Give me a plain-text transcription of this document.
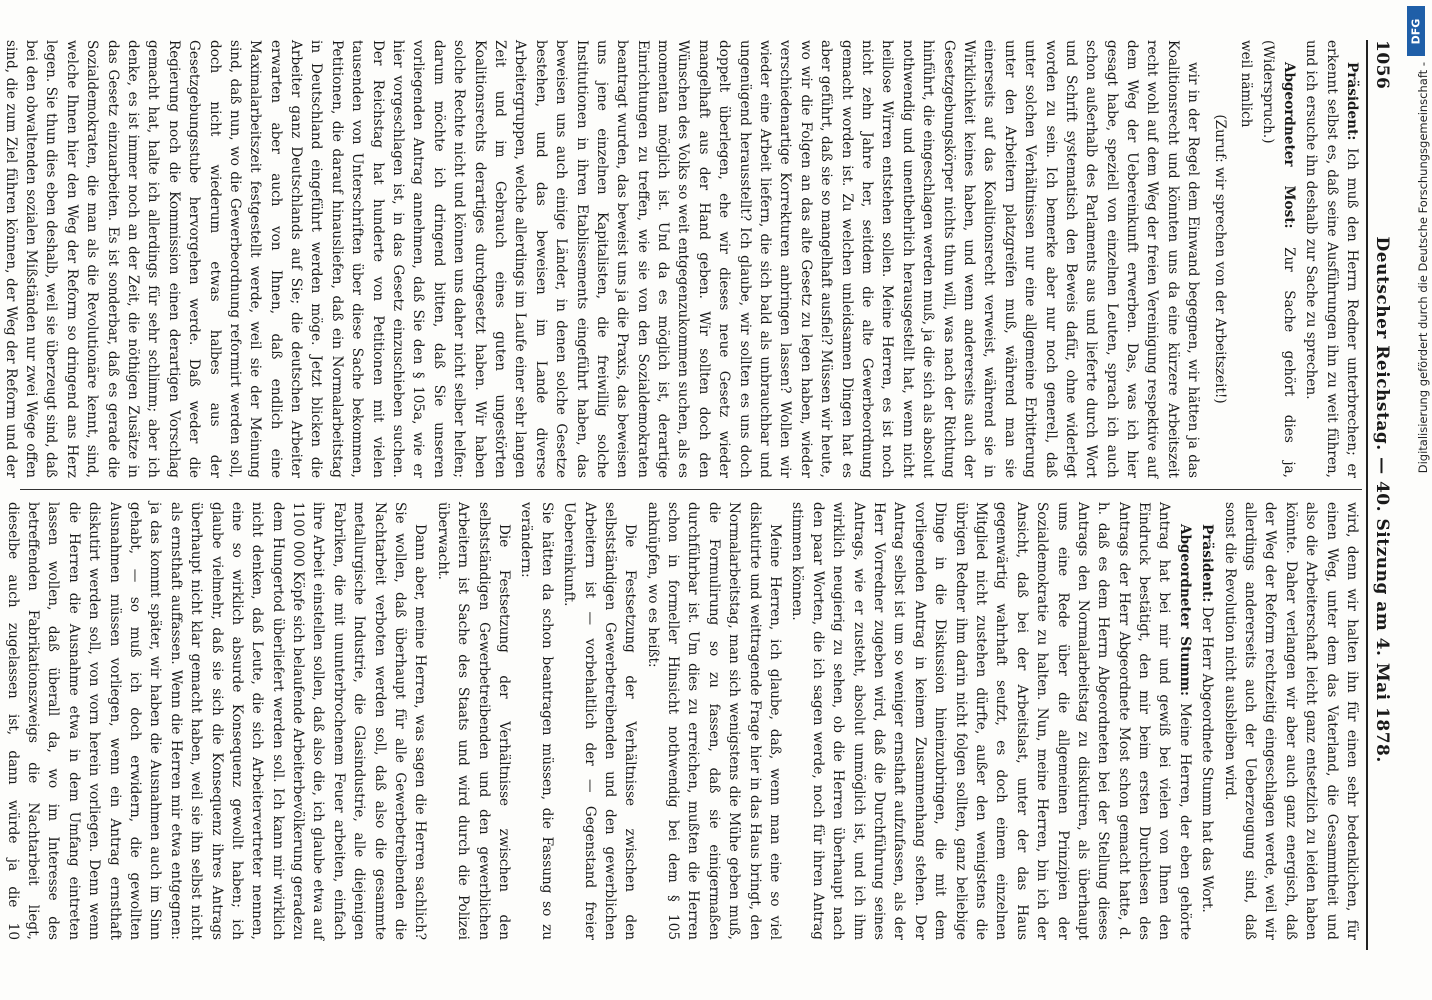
1056
Deutscher Reichstag. — 40. Sitzung am 4. Mai 1878.

Präsident: Ich muß den Herrn Redner unterbrechen; er erkennt selbst es, daß seine Ausführungen ihn zu weit führen, und ich ersuche ihn deshalb zur Sache zu sprechen.

Abgeordneter Most: Zur Sache gehört dies ja, (Widerspruch.)

weil nämlich

(Zuruf: wir sprechen von der Arbeitszeit!)

wir in der Regel dem Einwand begegnen, wir hätten ja das Koalitionsrecht und könnten uns da eine kürzere Arbeitszeit recht wohl auf dem Weg der freien Vereinigung respektive auf dem Weg der Uebereinkunft erwerben. Das, was ich hier gesagt habe, speziell von einzelnen Leuten, sprach ich auch schon außerhalb des Parlaments aus und lieferte durch Wort und Schrift systematisch den Beweis dafür, ohne widerlegt worden zu sein. Ich bemerke aber nur noch generell, daß unter solchen Verhältnissen nur eine allgemeine Erbitterung unter den Arbeitern platzgreifen muß, während man sie einerseits auf das Koalitionsrecht verweist, während sie in Wirklichkeit keines haben, und wenn andererseits auch der Gesetzgebungskörper nichts thun will, was nach der Richtung hinführt, die eingeschlagen werden muß, ja die sich als absolut nothwendig und unentbehrlich herausgestellt hat, wenn nicht heillose Wirren entstehen sollen. Meine Herren, es ist noch nicht zehn Jahre her, seitdem die alte Gewerbeordnung gemacht worden ist. Zu welchen unleidsamen Dingen hat es aber geführt, daß sie so mangelhaft ausfiel? Müssen wir heute, wo wir die Folgen an das alte Gesetz zu legen haben, wieder verschiedenartige Korrekturen anbringen lassen? Wollen wir wieder eine Arbeit liefern, die sich bald als unbrauchbar und ungenügend herausstellt? Ich glaube, wir sollten es uns doch doppelt überlegen, ehe wir dieses neue Gesetz wieder mangelhaft aus der Hand geben. Wir sollten doch den Wünschen des Volks so weit entgegenzukommen suchen, als es momentan möglich ist. Und da es möglich ist, derartige Einrichtungen zu treffen, wie sie von den Sozialdemokraten beantragt wurden, das beweist uns ja die Praxis, das beweisen uns jene einzelnen Kapitalisten, die freiwillig solche Institutionen in ihren Etablissements eingeführt haben, das beweisen uns auch einige Länder, in denen solche Gesetze bestehen, und das beweisen im Lande diverse Arbeitergruppen, welche allerdings im Laufe einer sehr langen Zeit und im Gebrauch eines guten ungestörten Koalitionsrechts derartiges durchgesetzt haben. Wir haben solche Rechte nicht und können uns daher nicht selber helfen; darum möchte ich dringend bitten, daß Sie unseren vorliegenden Antrag annehmen, daß Sie den § 105a, wie er hier vorgeschlagen ist, in das Gesetz einzuschieben suchen. Der Reichstag hat hunderte von Petitionen mit vielen tausenden von Unterschriften über diese Sache bekommen, Petitionen, die darauf hinausliefen, daß ein Normalarbeitstag in Deutschland eingeführt werden möge. Jetzt blicken die Arbeiter ganz Deutschlands auf Sie; die deutschen Arbeiter erwarten aber auch von Ihnen, daß endlich eine Maximalarbeitszeit festgestellt werde, weil sie der Meinung sind, daß nun, wo die Gewerbeordnung reformirt werden soll, doch nicht wiederum etwas halbes aus der Gesetzgebungsstube hervorgehen werde. Daß weder die Regierung noch die Kommission einen derartigen Vorschlag gemacht hat, halte ich allerdings für sehr schlimm; aber ich denke, es ist immer noch an der Zeit, die nöthigen Zusätze in das Gesetz einzuarbeiten. Es ist sonderbar, daß es gerade die Sozialdemokraten, die man als die Revolutionäre kennt, sind, welche Ihnen hier den Weg der Reform so dringend ans Herz legen. Sie thun dies eben deshalb, weil sie überzeugt sind, daß bei den obwaltenden sozialen Mißständen nur zwei Wege offen sind, die zum Ziel führen können, der Weg der Reform und der

wird, denn wir halten ihn für einen sehr bedenklichen, für einen Weg, unter dem das Vaterland, die Gesammtheit und also die Arbeiterschaft leicht ganz entsetzlich zu leiden haben könnte. Daher verlangen wir aber auch ganz energisch, daß der Weg der Reform rechtzeitig eingeschlagen werde, weil wir allerdings andererseits auch der Ueberzeugung sind, daß sonst die Revolution nicht ausbleiben wird.

Präsident: Der Herr Abgeordnete Stumm hat das Wort.

Abgeordneter Stumm: Meine Herren, der eben gehörte Antrag hat bei mir und gewiß bei vielen von Ihnen den Eindruck bestätigt, den mir beim ersten Durchlesen des Antrags der Herr Abgeordnete Most schon gemacht hatte, d. h. daß es dem Herrn Abgeordneten bei der Stellung dieses Antrags den Normalarbeitstag zu diskutiren, als überhaupt ums eine Rede über die allgemeinen Prinzipien der Sozialdemokratie zu halten. Nun, meine Herren, bin ich der Ansicht, daß bei der Arbeitslast, unter der das Haus gegenwärtig wahrhaft seufzt, es doch einem einzelnen Mitglied nicht zustehen dürfte, außer den wenigstens die übrigen Redner ihm darin nicht folgen sollten, ganz beliebige Dinge in die Diskussion hineinzubringen, die mit dem vorliegenden Antrag in keinem Zusammenhang stehen. Der Antrag selbst ist um so weniger ernsthaft aufzufassen, als der Herr Vorredner zugeben wird, daß die Durchführung seines Antrags, wie er zusteht, absolut unmöglich ist, und ich ihm wirklich neugierig zu sehen, ob die Herren überhaupt nach den paar Worten, die ich sagen werde, noch für ihren Antrag stimmen können.

Meine Herren, ich glaube, daß, wenn man eine so viel diskutirte und weittragende Frage hier in das Haus bringt, den Normalarbeitstag, man sich wenigstens die Mühe geben muß, die Formulirung so zu fassen, daß sie einigermaßen durchführbar ist. Um dies zu erreichen, mußten die Herren schon in formeller Hinsicht nothwendig bei dem § 105 anknüpfen, wo es heißt:

Die Festsetzung der Verhältnisse zwischen den selbstständigen Gewerbetreibenden und den gewerblichen Arbeitern ist — vorbehaltlich der — Gegenstand freier Uebereinkunft.

Sie hätten da schon beantragen müssen, die Fassung so zu verändern:

Die Festsetzung der Verhältnisse zwischen den selbstständigen Gewerbetreibenden und den gewerblichen Arbeitern ist Sache des Staats und wird durch die Polizei überwacht.

Dann aber, meine Herren, was sagen die Herren sachlich? Sie wollen, daß überhaupt für alle Gewerbetreibenden die Nachtarbeit verboten werden soll, daß also die gesammte metallurgische Industrie, die Glasindustrie, alle diejenigen Fabriken, die mit ununterbrochenem Feuer arbeiten, einfach ihre Arbeit einstellen sollen, daß also die, ich glaube etwa auf 1100 000 Köpfe sich belaufende Arbeiterbevölkerung geradezu dem Hungertod überliefert werden soll. Ich kann mir wirklich nicht denken, daß Leute, die sich Arbeitervertreter nennen, eine so wirklich absurde Konsequenz gewollt haben; ich glaube vielmehr, daß sie sich die Konsequenz ihres Antrags überhaupt nicht klar gemacht haben, weil sie ihn selbst nicht als ernsthaft auffassen. Wenn die Herren mir etwa entgegnen: ja das kommt später, wir haben die Ausnahmen auch im Sinn gehabt, — so muß ich doch erwidern, die gewollten Ausnahmen müssen vorliegen, wenn ein Antrag ernsthaft diskutirt werden soll, von vorn herein vorliegen. Denn wenn die Herren die Ausnahme etwa in dem Umfang eintreten lassen wollen, daß überall da, wo im Interesse des betreffenden Fabrikationszweigs die Nachtarbeit liegt, dieselbe auch zugelassen ist, dann würde ja die 10

DFG
Digitalisierung gefördert durch die Deutsche Forschungsgemeinschaft -
